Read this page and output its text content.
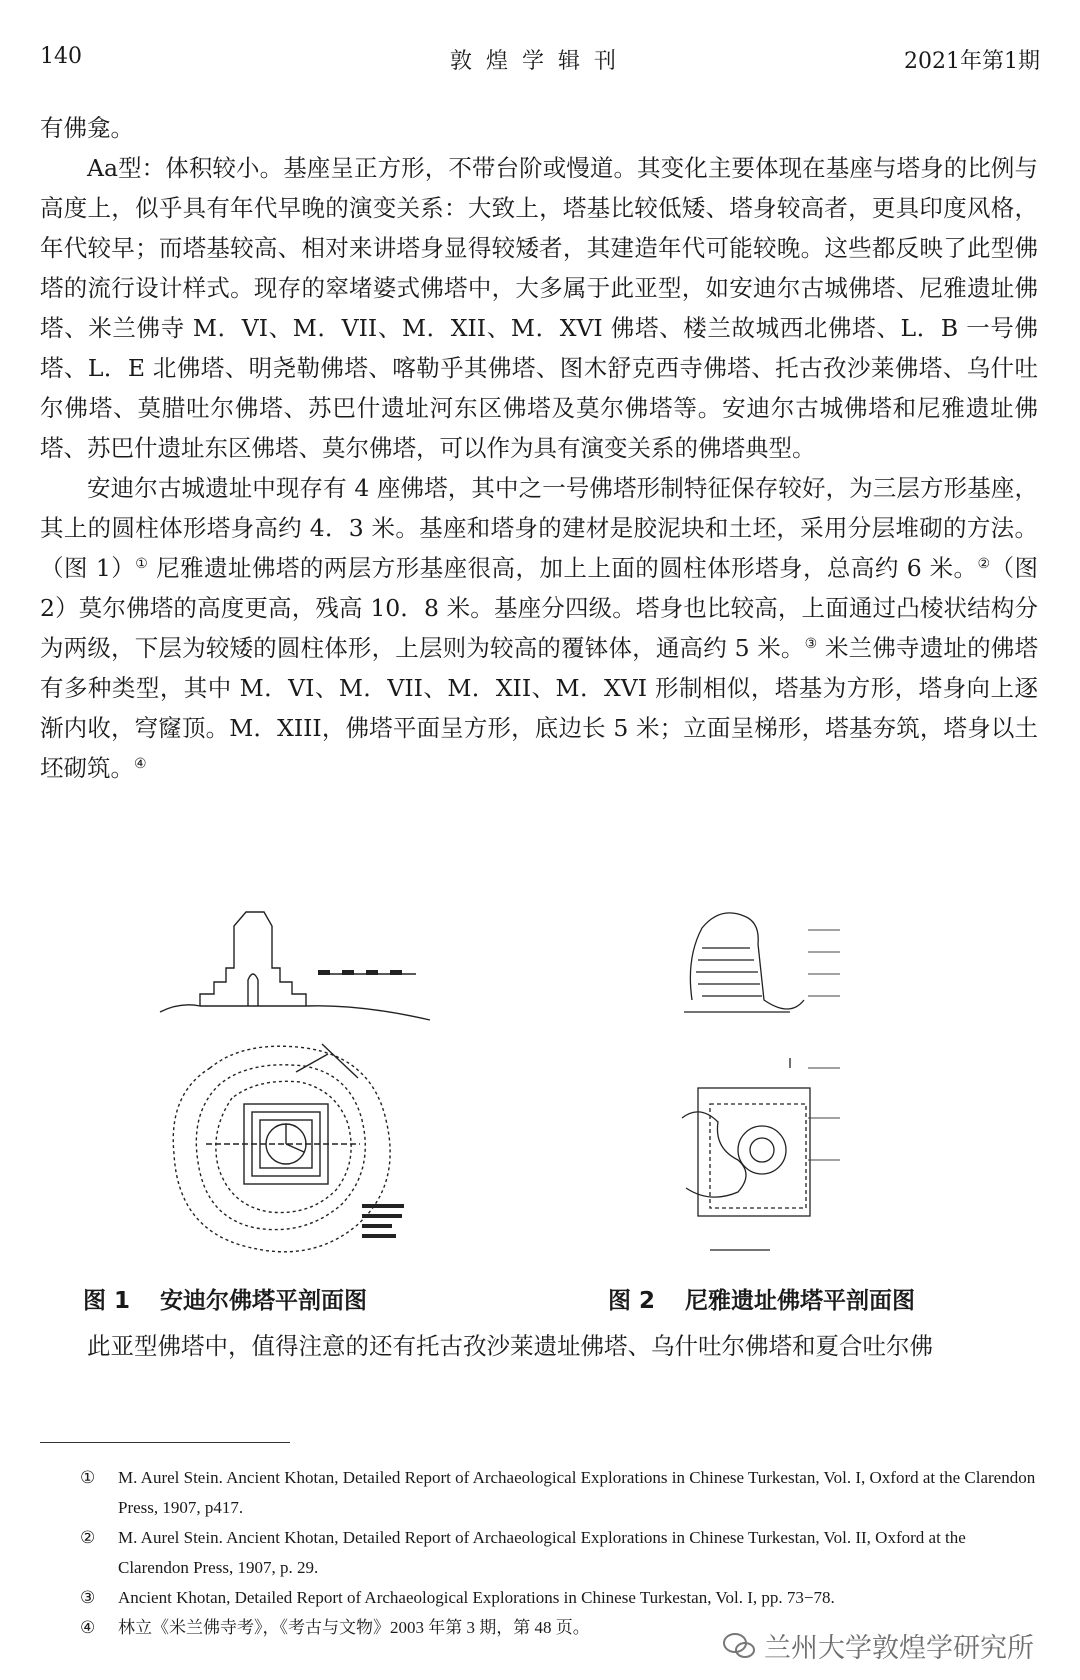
140	敦煌学辑刊	2021年第1期

有佛龛。

Aa型：体积较小。基座呈正方形，不带台阶或慢道。其变化主要体现在基座与塔身的比例与高度上，似乎具有年代早晚的演变关系：大致上，塔基比较低矮、塔身较高者，更具印度风格，年代较早；而塔基较高、相对来讲塔身显得较矮者，其建造年代可能较晚。这些都反映了此型佛塔的流行设计样式。现存的窣堵婆式佛塔中，大多属于此亚型，如安迪尔古城佛塔、尼雅遗址佛塔、米兰佛寺 M．VI、M．VII、M．XII、M．XVI 佛塔、楼兰故城西北佛塔、L．B 一号佛塔、L．E 北佛塔、明尧勒佛塔、喀勒乎其佛塔、图木舒克西寺佛塔、托古孜沙莱佛塔、乌什吐尔佛塔、莫腊吐尔佛塔、苏巴什遗址河东区佛塔及莫尔佛塔等。安迪尔古城佛塔和尼雅遗址佛塔、苏巴什遗址东区佛塔、莫尔佛塔，可以作为具有演变关系的佛塔典型。

安迪尔古城遗址中现存有 4 座佛塔，其中之一号佛塔形制特征保存较好，为三层方形基座，其上的圆柱体形塔身高约 4．3 米。基座和塔身的建材是胶泥块和土坯，采用分层堆砌的方法。（图 1）① 尼雅遗址佛塔的两层方形基座很高，加上上面的圆柱体形塔身，总高约 6 米。②（图 2）莫尔佛塔的高度更高，残高 10．8 米。基座分四级。塔身也比较高，上面通过凸棱状结构分为两级，下层为较矮的圆柱体形，上层则为较高的覆钵体，通高约 5 米。③ 米兰佛寺遗址的佛塔有多种类型，其中 M．VI、M．VII、M．XII、M．XVI 形制相似，塔基为方形，塔身向上逐渐内收，穹窿顶。M．XIII，佛塔平面呈方形，底边长 5 米；立面呈梯形，塔基夯筑，塔身以土坯砌筑。④

图 1 安迪尔佛塔平剖面图	图 2 尼雅遗址佛塔平剖面图

此亚型佛塔中，值得注意的还有托古孜沙莱遗址佛塔、乌什吐尔佛塔和夏合吐尔佛

① M. Aurel Stein. Ancient Khotan, Detailed Report of Archaeological Explorations in Chinese Turkestan, Vol. I, Oxford at the Clarendon Press, 1907, p417.
② M. Aurel Stein. Ancient Khotan, Detailed Report of Archaeological Explorations in Chinese Turkestan, Vol. II, Oxford at the Clarendon Press, 1907, p. 29.
③ Ancient Khotan, Detailed Report of Archaeological Explorations in Chinese Turkestan, Vol. I, pp. 73−78.
④ 林立《米兰佛寺考》，《考古与文物》2003 年第 3 期，第 48 页。
兰州大学敦煌学研究所
